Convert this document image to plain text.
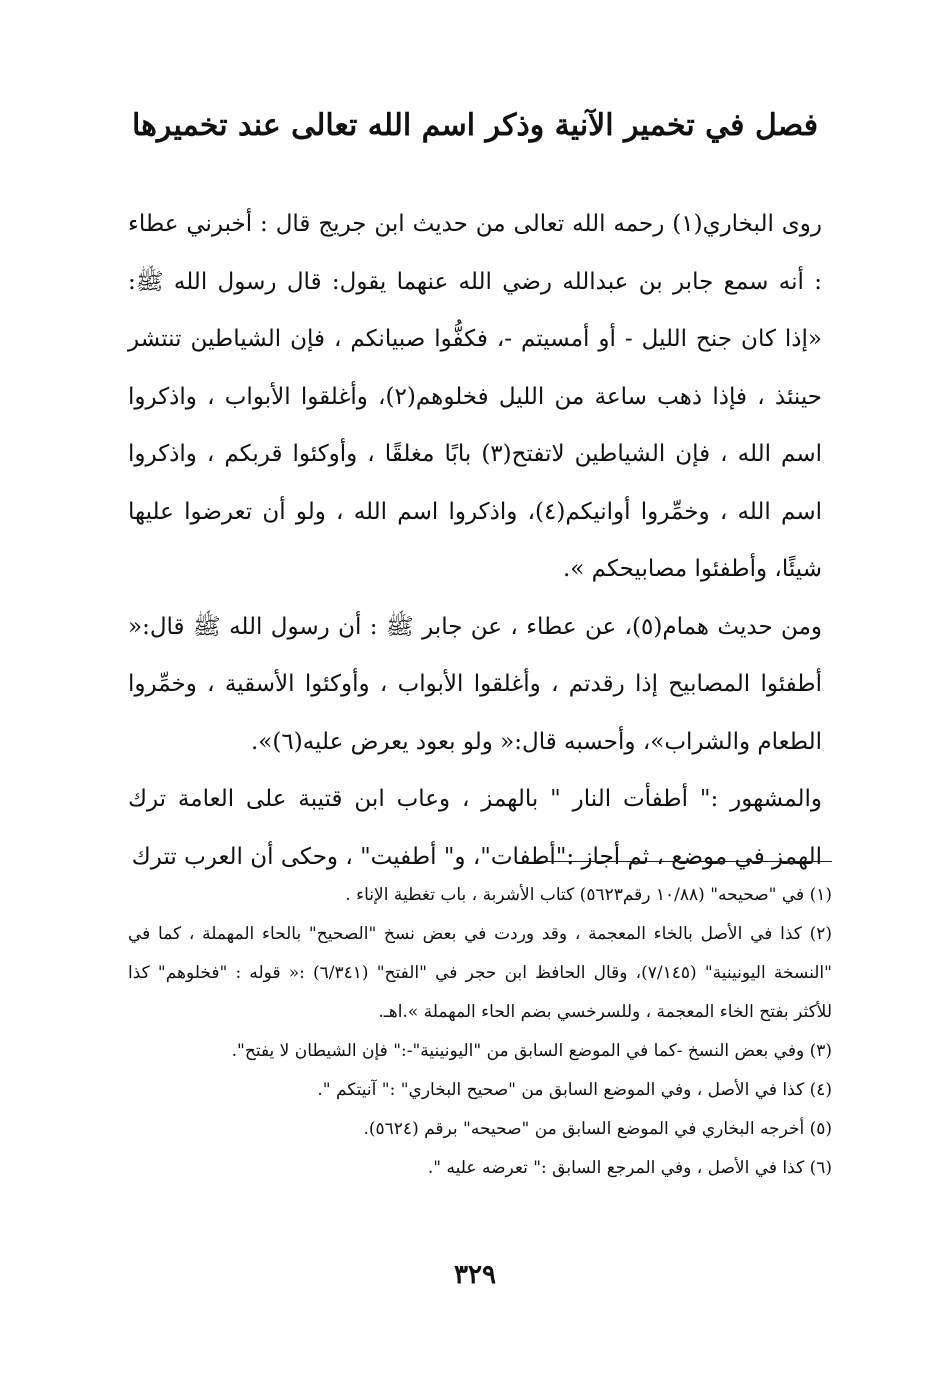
فصل في تخمير الآنية وذكر اسم الله تعالى عند تخميرها

روى البخاري(١) رحمه الله تعالى من حديث ابن جريج قال : أخبرني عطاء : أنه سمع جابر بن عبدالله رضي الله عنهما يقول: قال رسول الله ﷺ: «إذا كان جنح الليل - أو أمسيتم -، فكفُّوا صبيانكم ، فإن الشياطين تنتشر حينئذ ، فإذا ذهب ساعة من الليل فخلوهم(٢)، وأغلقوا الأبواب ، واذكروا اسم الله ، فإن الشياطين لاتفتح(٣) بابًا مغلقًا ، وأوكئوا قربكم ، واذكروا اسم الله ، وخمِّروا أوانيكم(٤)، واذكروا اسم الله ، ولو أن تعرضوا عليها شيئًا، وأطفئوا مصابيحكم ».

ومن حديث همام(٥)، عن عطاء ، عن جابر ﷺ : أن رسول الله ﷺ قال:« أطفئوا المصابيح إذا رقدتم ، وأغلقوا الأبواب ، وأوكئوا الأسقية ، وخمِّروا الطعام والشراب»، وأحسبه قال:« ولو بعود يعرض عليه(٦)».

والمشهور :" أطفأت النار " بالهمز ، وعاب ابن قتيبة على العامة ترك الهمز في موضع ، ثم أجاز :"أطفات"، و" أطفيت" ، وحكى أن العرب تترك

(١) في "صحيحه" (١٠/٨٨ رقم٥٦٢٣) كتاب الأشربة ، باب تغطية الإناء .

(٢) كذا في الأصل بالخاء المعجمة ، وقد وردت في بعض نسخ "الصحيح" بالحاء المهملة ، كما في "النسخة اليونينية" (٧/١٤٥)، وقال الحافظ ابن حجر في "الفتح" (٦/٣٤١) :« قوله : "فخلوهم" كذا للأكثر بفتح الخاء المعجمة ، وللسرخسي بضم الحاء المهملة ».اهـ.

(٣) وفي بعض النسخ -كما في الموضع السابق من "اليونينية"-:" فإن الشيطان لا يفتح".

(٤) كذا في الأصل ، وفي الموضع السابق من "صحيح البخاري" :" آنيتكم ".

(٥) أخرجه البخاري في الموضع السابق من "صحيحه" برقم (٥٦٢٤).

(٦) كذا في الأصل ، وفي المرجع السابق :" تعرضه عليه ".

٣٢٩
